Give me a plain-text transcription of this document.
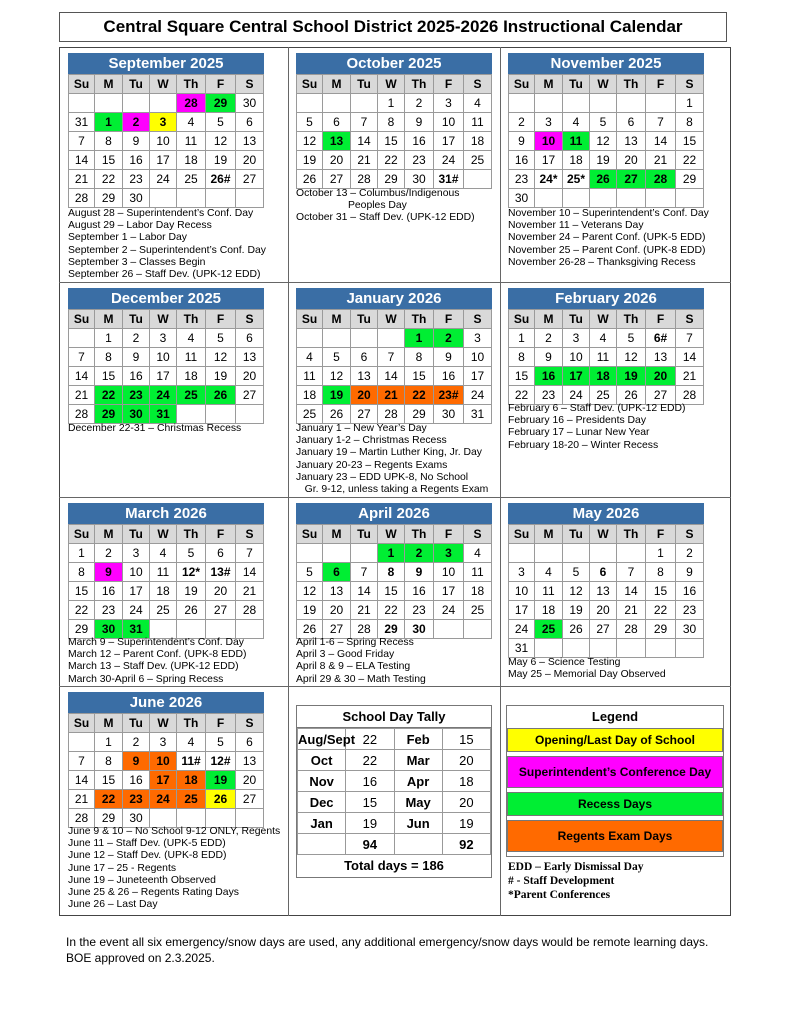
Central Square Central School District 2025-2026 Instructional Calendar
September 2025
Su	M	Tu	W	Th	F	S
				28	29	30
31	1	2	3	4	5	6
7	8	9	10	11	12	13
14	15	16	17	18	19	20
21	22	23	24	25	26#	27
28	29	30				
August 28 – Superintendent’s Conf. Day
August 29 – Labor Day Recess
September 1 – Labor Day
September 2 – Superintendent’s Conf. Day
September 3 – Classes Begin
September 26 – Staff Dev. (UPK-12 EDD)
October 2025
Su	M	Tu	W	Th	F	S
			1	2	3	4
5	6	7	8	9	10	11
12	13	14	15	16	17	18
19	20	21	22	23	24	25
26	27	28	29	30	31#	
October 13 – Columbus/Indigenous
Peoples Day
October 31 – Staff Dev. (UPK-12 EDD)
November 2025
Su	M	Tu	W	Th	F	S
						1
2	3	4	5	6	7	8
9	10	11	12	13	14	15
16	17	18	19	20	21	22
23	24*	25*	26	27	28	29
30						
November 10 – Superintendent’s Conf. Day
November 11 – Veterans Day
November 24 – Parent Conf. (UPK-5 EDD)
November 25 – Parent Conf. (UPK-8 EDD)
November 26-28 – Thanksgiving Recess
December 2025
Su	M	Tu	W	Th	F	S
	1	2	3	4	5	6
7	8	9	10	11	12	13
14	15	16	17	18	19	20
21	22	23	24	25	26	27
28	29	30	31			
December 22-31 – Christmas Recess
January 2026
Su	M	Tu	W	Th	F	S
				1	2	3
4	5	6	7	8	9	10
11	12	13	14	15	16	17
18	19	20	21	22	23#	24
25	26	27	28	29	30	31
January 1 – New Year’s Day
January 1-2 – Christmas Recess
January 19 – Martin Luther King, Jr. Day
January 20-23 – Regents Exams
January 23 – EDD UPK-8, No School
Gr. 9-12, unless taking a Regents Exam
February 2026
Su	M	Tu	W	Th	F	S
1	2	3	4	5	6#	7
8	9	10	11	12	13	14
15	16	17	18	19	20	21
22	23	24	25	26	27	28
February 6 – Staff Dev. (UPK-12 EDD)
February 16 – Presidents Day
February 17 – Lunar New Year
February 18-20 – Winter Recess
March 2026
Su	M	Tu	W	Th	F	S
1	2	3	4	5	6	7
8	9	10	11	12*	13#	14
15	16	17	18	19	20	21
22	23	24	25	26	27	28
29	30	31				
March 9 – Superintendent’s Conf. Day
March 12 – Parent Conf. (UPK-8 EDD)
March 13 – Staff Dev. (UPK-12 EDD)
March 30-April 6 – Spring Recess
April 2026
Su	M	Tu	W	Th	F	S
			1	2	3	4
5	6	7	8	9	10	11
12	13	14	15	16	17	18
19	20	21	22	23	24	25
26	27	28	29	30		
April 1-6 – Spring Recess
April 3 – Good Friday
April 8 & 9 – ELA Testing
April 29 & 30 – Math Testing
May 2026
Su	M	Tu	W	Th	F	S
					1	2
3	4	5	6	7	8	9
10	11	12	13	14	15	16
17	18	19	20	21	22	23
24	25	26	27	28	29	30
31						
May 6 – Science Testing
May 25 – Memorial Day Observed
June 2026
Su	M	Tu	W	Th	F	S
	1	2	3	4	5	6
7	8	9	10	11#	12#	13
14	15	16	17	18	19	20
21	22	23	24	25	26	27
28	29	30				
June 9 & 10 – No School 9-12 ONLY, Regents
June 11 – Staff Dev. (UPK-5 EDD)
June 12 – Staff Dev. (UPK-8 EDD)
June 17 – 25 - Regents
June 19 – Juneteenth Observed
June 25 & 26 – Regents Rating Days
June 26 – Last Day
School Day Tally
Aug/Sept	22	Feb	15
Oct	22	Mar	20
Nov	16	Apr	18
Dec	15	May	20
Jan	19	Jun	19
	94		92
Total days = 186
Legend
Opening/Last Day of School
Superintendent’s Conference Day
Recess Days
Regents Exam Days
EDD – Early Dismissal Day
# - Staff Development
*Parent Conferences
In the event all six emergency/snow days are used, any additional emergency/snow days would be remote learning days.
BOE approved on 2.3.2025.
